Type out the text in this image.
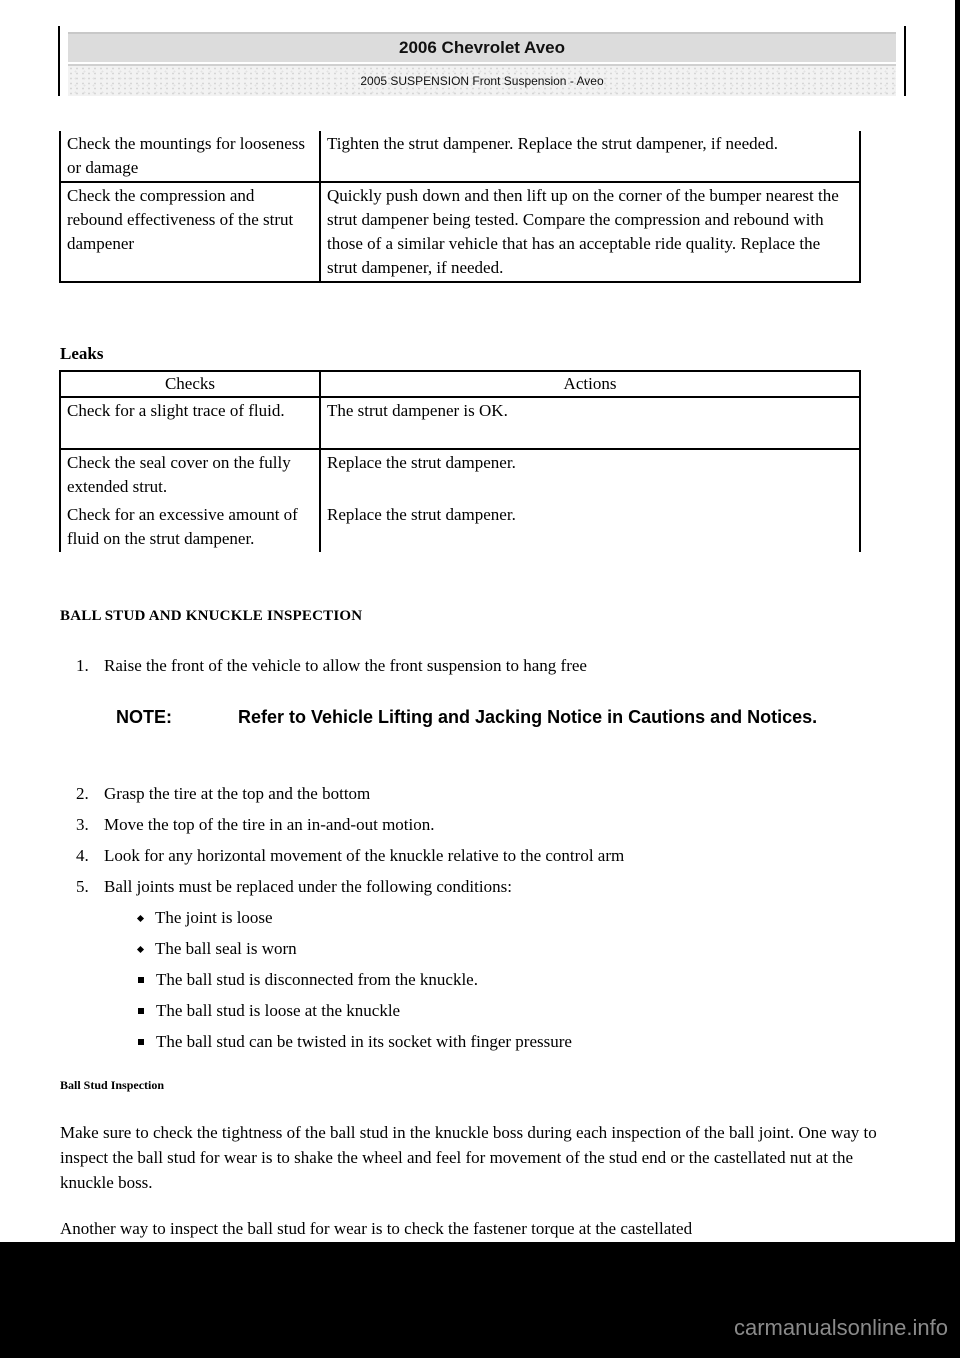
2006 Chevrolet Aveo
2005 SUSPENSION Front Suspension - Aveo
Check the mountings for looseness or damage	Tighten the strut dampener. Replace the strut dampener, if needed.
Check the compression and rebound effectiveness of the strut dampener	Quickly push down and then lift up on the corner of the bumper nearest the strut dampener being tested. Compare the compression and rebound with those of a similar vehicle that has an acceptable ride quality. Replace the strut dampener, if needed.
Leaks
Checks	Actions
Check for a slight trace of fluid.	The strut dampener is OK.
Check the seal cover on the fully extended strut.	Replace the strut dampener.
Check for an excessive amount of fluid on the strut dampener.	Replace the strut dampener.
BALL STUD AND KNUCKLE INSPECTION
1. Raise the front of the vehicle to allow the front suspension to hang free
NOTE:	Refer to Vehicle Lifting and Jacking Notice in Cautions and Notices.
2. Grasp the tire at the top and the bottom
3. Move the top of the tire in an in-and-out motion.
4. Look for any horizontal movement of the knuckle relative to the control arm
5. Ball joints must be replaced under the following conditions:
The joint is loose
The ball seal is worn
The ball stud is disconnected from the knuckle.
The ball stud is loose at the knuckle
The ball stud can be twisted in its socket with finger pressure
Ball Stud Inspection
Make sure to check the tightness of the ball stud in the knuckle boss during each inspection of the ball joint. One way to inspect the ball stud for wear is to shake the wheel and feel for movement of the stud end or the castellated nut at the knuckle boss.
Another way to inspect the ball stud for wear is to check the fastener torque at the castellated
carmanualsonline.info
